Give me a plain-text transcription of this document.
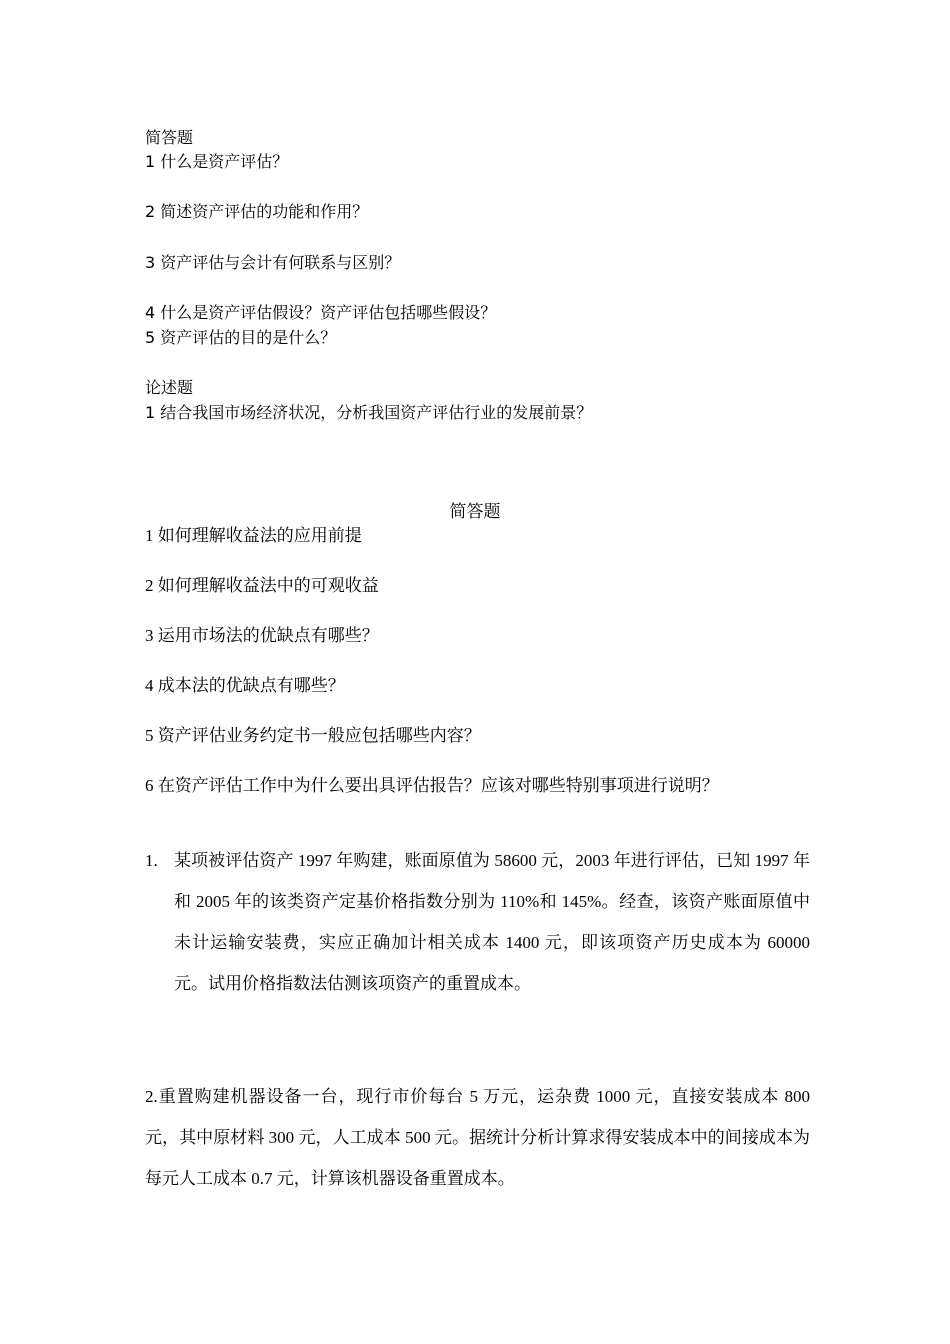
简答题
1 什么是资产评估？
2 简述资产评估的功能和作用？
3 资产评估与会计有何联系与区别？
4 什么是资产评估假设？资产评估包括哪些假设？
5 资产评估的目的是什么？
论述题
1 结合我国市场经济状况，分析我国资产评估行业的发展前景？
简答题
1 如何理解收益法的应用前提
2 如何理解收益法中的可观收益
3 运用市场法的优缺点有哪些？
4 成本法的优缺点有哪些？
5 资产评估业务约定书一般应包括哪些内容？
6 在资产评估工作中为什么要出具评估报告？应该对哪些特别事项进行说明？
1. 某项被评估资产 1997 年购建，账面原值为 58600 元，2003 年进行评估，已知 1997 年和 2005 年的该类资产定基价格指数分别为 110%和 145%。经查，该资产账面原值中未计运输安装费，实应正确加计相关成本 1400 元，即该项资产历史成本为 60000 元。试用价格指数法估测该项资产的重置成本。
2.重置购建机器设备一台，现行市价每台 5 万元，运杂费 1000 元，直接安装成本 800 元，其中原材料 300 元，人工成本 500 元。据统计分析计算求得安装成本中的间接成本为每元人工成本 0.7 元，计算该机器设备重置成本。
